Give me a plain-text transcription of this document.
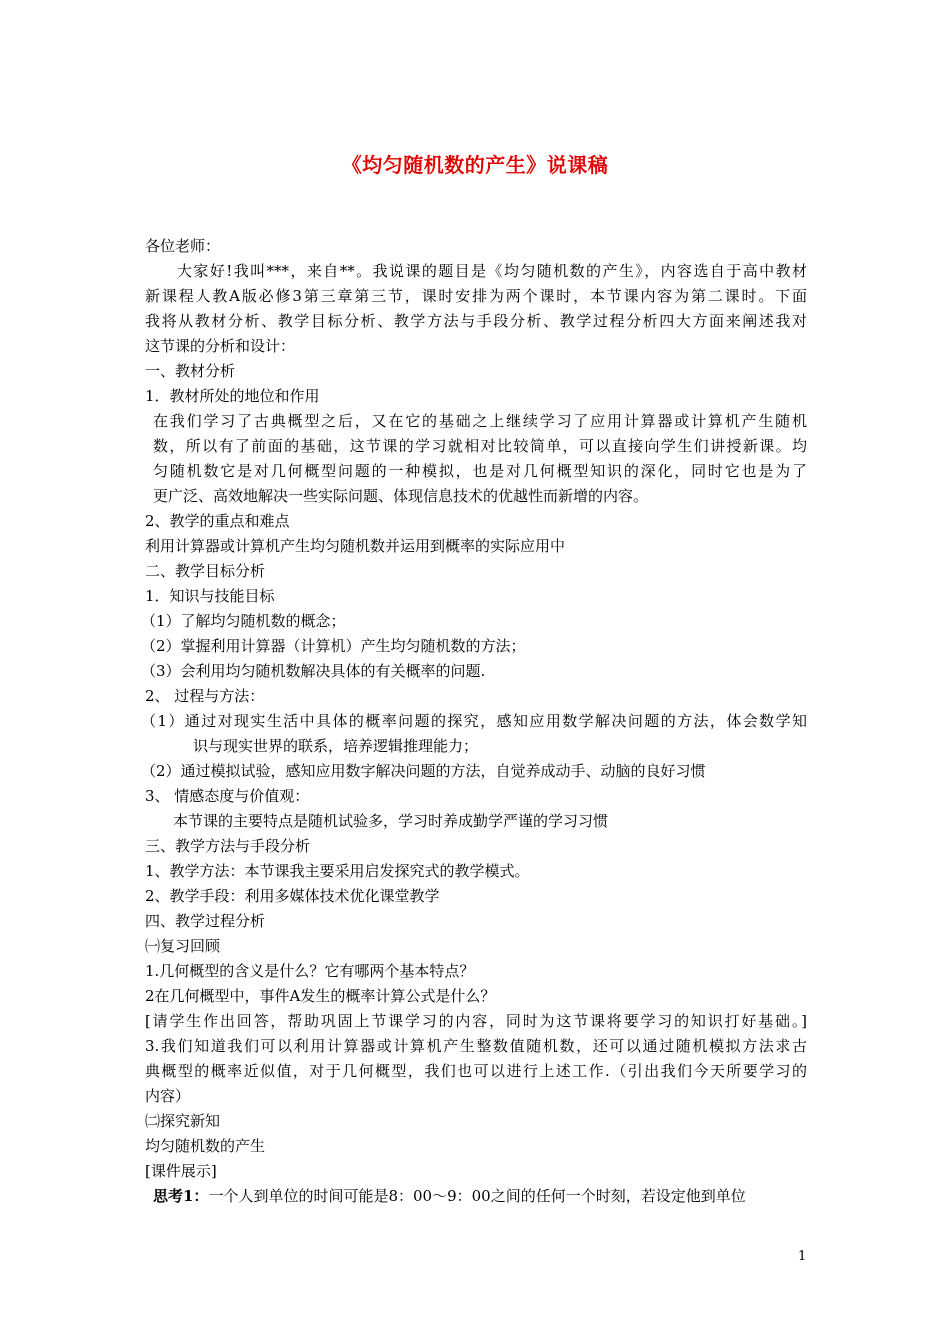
《均匀随机数的产生》说课稿
各位老师：
大家好!我叫***，来自**。我说课的题目是《均匀随机数的产生》，内容选自于高中教材
新课程人教A版必修3第三章第三节，课时安排为两个课时，本节课内容为第二课时。下面
我将从教材分析、教学目标分析、教学方法与手段分析、教学过程分析四大方面来阐述我对
这节课的分析和设计：
一、教材分析
1．教材所处的地位和作用
在我们学习了古典概型之后，又在它的基础之上继续学习了应用计算器或计算机产生随机
数，所以有了前面的基础，这节课的学习就相对比较简单，可以直接向学生们讲授新课。均
匀随机数它是对几何概型问题的一种模拟，也是对几何概型知识的深化，同时它也是为了
更广泛、高效地解决一些实际问题、体现信息技术的优越性而新增的内容。
2、教学的重点和难点
利用计算器或计算机产生均匀随机数并运用到概率的实际应用中
二、教学目标分析
1．知识与技能目标
（1）了解均匀随机数的概念；
（2）掌握利用计算器（计算机）产生均匀随机数的方法；
（3）会利用均匀随机数解决具体的有关概率的问题.
2、 过程与方法：
（1）通过对现实生活中具体的概率问题的探究，感知应用数学解决问题的方法，体会数学知
识与现实世界的联系，培养逻辑推理能力；
（2）通过模拟试验，感知应用数字解决问题的方法，自觉养成动手、动脑的良好习惯
3、 情感态度与价值观：
本节课的主要特点是随机试验多，学习时养成勤学严谨的学习习惯
三、教学方法与手段分析
1、教学方法：本节课我主要采用启发探究式的教学模式。
2、教学手段：利用多媒体技术优化课堂教学
四、教学过程分析
㈠复习回顾
1.几何概型的含义是什么？它有哪两个基本特点？
2在几何概型中，事件A发生的概率计算公式是什么？
[请学生作出回答，帮助巩固上节课学习的内容，同时为这节课将要学习的知识打好基础。]
3.我们知道我们可以利用计算器或计算机产生整数值随机数，还可以通过随机模拟方法求古
典概型的概率近似值，对于几何概型，我们也可以进行上述工作.（引出我们今天所要学习的
内容）
㈡探究新知
均匀随机数的产生
[课件展示]
思考1：一个人到单位的时间可能是8：00～9：00之间的任何一个时刻，若设定他到单位
1
